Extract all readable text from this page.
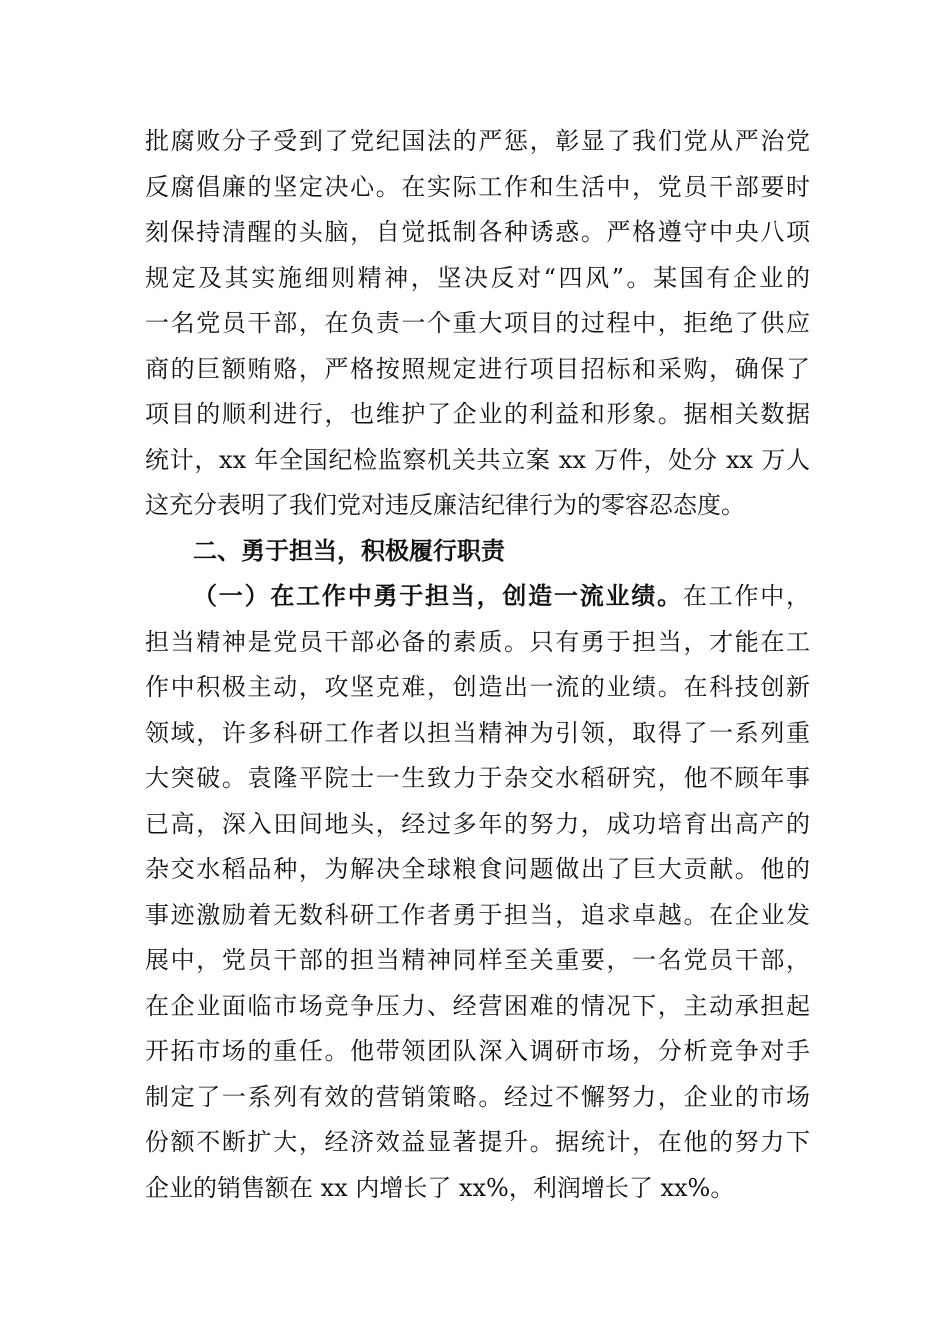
批腐败分子受到了党纪国法的严惩，彰显了我们党从严治党
反腐倡廉的坚定决心。在实际工作和生活中，党员干部要时
刻保持清醒的头脑，自觉抵制各种诱惑。严格遵守中央八项
规定及其实施细则精神，坚决反对“四风”。某国有企业的
一名党员干部，在负责一个重大项目的过程中，拒绝了供应
商的巨额贿赂，严格按照规定进行项目招标和采购，确保了
项目的顺利进行，也维护了企业的利益和形象。据相关数据
统计，xx 年全国纪检监察机关共立案 xx 万件，处分 xx 万人
这充分表明了我们党对违反廉洁纪律行为的零容忍态度。
二、勇于担当，积极履行职责
（一）在工作中勇于担当，创造一流业绩。在工作中，
担当精神是党员干部必备的素质。只有勇于担当，才能在工
作中积极主动，攻坚克难，创造出一流的业绩。在科技创新
领域，许多科研工作者以担当精神为引领，取得了一系列重
大突破。袁隆平院士一生致力于杂交水稻研究，他不顾年事
已高，深入田间地头，经过多年的努力，成功培育出高产的
杂交水稻品种，为解决全球粮食问题做出了巨大贡献。他的
事迹激励着无数科研工作者勇于担当，追求卓越。在企业发
展中，党员干部的担当精神同样至关重要，一名党员干部，
在企业面临市场竞争压力、经营困难的情况下，主动承担起
开拓市场的重任。他带领团队深入调研市场，分析竞争对手
制定了一系列有效的营销策略。经过不懈努力，企业的市场
份额不断扩大，经济效益显著提升。据统计，在他的努力下
企业的销售额在 xx 内增长了 xx%，利润增长了 xx%。
